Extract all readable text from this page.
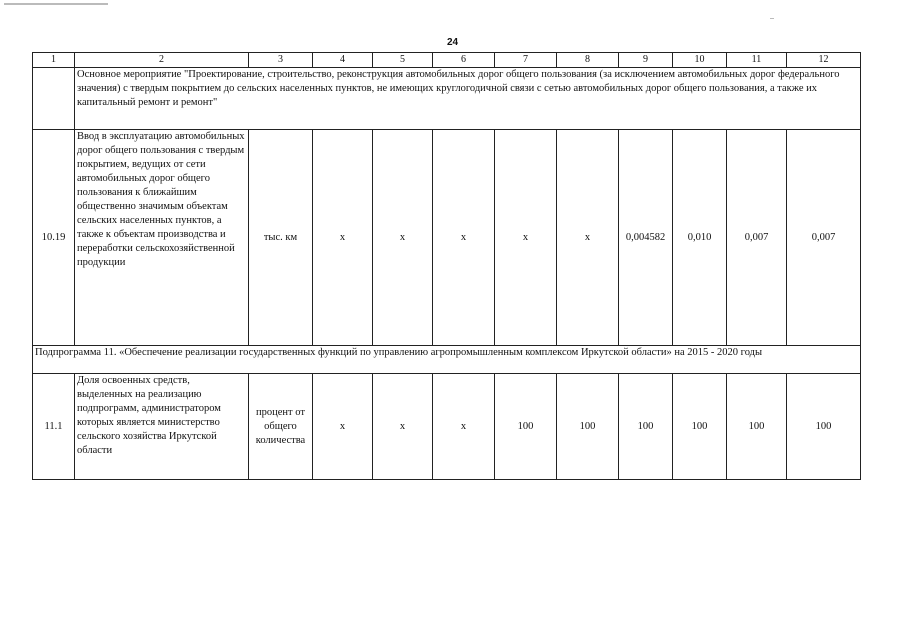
24
1	2	3	4	5	6	7	8	9	10	11	12
	Основное мероприятие "Проектирование, строительство, реконструкция автомобильных дорог общего пользования (за исключением автомобильных дорог федерального значения) с твердым покрытием до сельских населенных пунктов, не имеющих круглогодичной связи с сетью автомобильных дорог общего пользования, а также их капитальный ремонт и ремонт"										
10.19	Ввод в эксплуатацию автомобильных дорог общего пользования с твердым покрытием, ведущих от сети автомобильных дорог общего пользования к ближайшим общественно значимым объектам сельских населенных пунктов, а также к объектам производства и переработки сельскохозяйственной продукции	тыс. км	х	х	х	х	х	0,004582	0,010	0,007	0,007
Подпрограмма 11. «Обеспечение реализации государственных функций по управлению агропромышленным комплексом Иркутской области» на 2015 - 2020 годы											
11.1	Доля освоенных средств, выделенных на реализацию подпрограмм, администратором которых является министерство сельского хозяйства Иркутской области	процент от общего количества	х	х	х	100	100	100	100	100	100
